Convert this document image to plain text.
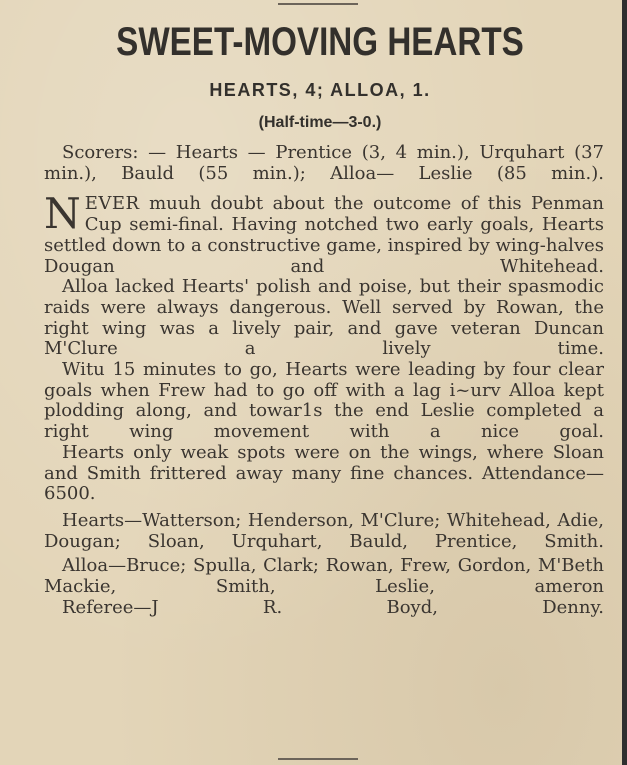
SWEET-MOVING HEARTS
HEARTS, 4; ALLOA, 1.
(Half-time—3-0.)

Scorers: — Hearts — Prentice (3, 4 min.), Urquhart (37 min.), Bauld (55 min.); Alloa— Leslie (85 min.).

NEVER muuh doubt about the outcome of this Penman Cup semi-final. Having notched two early goals, Hearts settled down to a constructive game, inspired by wing-halves Dougan and Whitehead.

Alloa lacked Hearts' polish and poise, but their spasmodic raids were always dangerous. Well served by Rowan, the right wing was a lively pair, and gave veteran Duncan M'Clure a lively time.

Witu 15 minutes to go, Hearts were leading by four clear goals when Frew had to go off with a lag i~urv Alloa kept plodding along, and towar1s the end Leslie completed a right wing movement with a nice goal.

Hearts only weak spots were on the wings, where Sloan and Smith frittered away many fine chances. Attendance—6500.

Hearts—Watterson; Henderson, M'Clure; Whitehead, Adie, Dougan; Sloan, Urquhart, Bauld, Prentice, Smith.

Alloa—Bruce; Spulla, Clark; Rowan, Frew, Gordon, M'Beth Mackie, Smith, Leslie, ameron

Referee—J R. Boyd, Denny.
